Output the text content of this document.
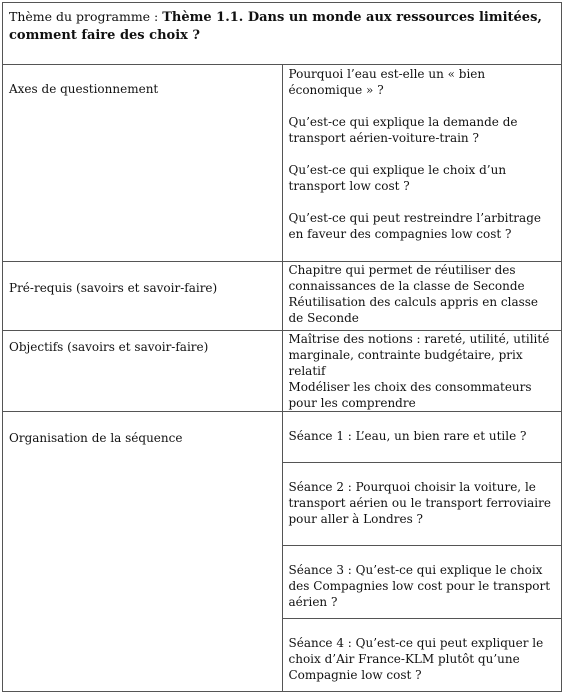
Thème du programme : Thème 1.1. Dans un monde aux ressources limitées, comment faire des choix ?	
Axes de questionnement	Pourquoi l’eau est-elle un « bien économique » ?

Qu’est-ce qui explique la demande de transport aérien-voiture-train ?

Qu’est-ce qui explique le choix d’un transport low cost ?

Qu’est-ce qui peut restreindre l’arbitrage en faveur des compagnies low cost ?

Pré-requis (savoirs et savoir-faire)	Chapitre qui permet de réutiliser des connaissances de la classe de Seconde

Réutilisation des calculs appris en classe de Seconde

Objectifs (savoirs et savoir-faire)	Maîtrise des notions : rareté, utilité, utilité marginale, contrainte budgétaire, prix relatif

Modéliser les choix des consommateurs pour les comprendre

Organisation de la séquence	Séance 1 : L’eau, un bien rare et utile ?
	Séance 2 : Pourquoi choisir la voiture, le transport aérien ou le transport ferroviaire pour aller à Londres ?
	Séance 3 : Qu’est-ce qui explique le choix des Compagnies low cost pour le transport aérien ?
	Séance 4 : Qu’est-ce qui peut expliquer le choix d’Air France-KLM plutôt qu’une Compagnie low cost ?
